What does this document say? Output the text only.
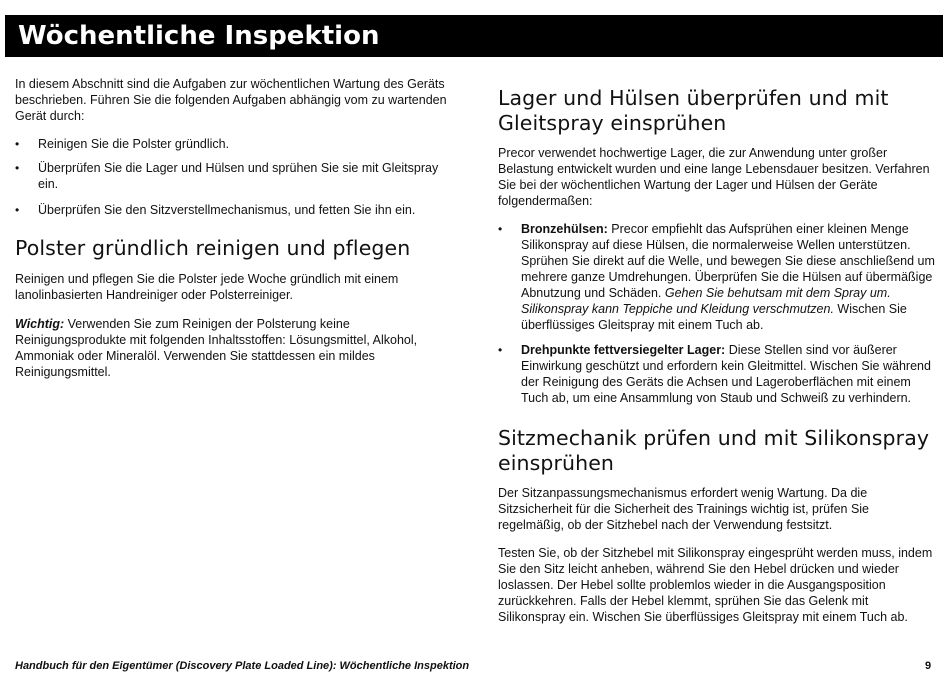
Wöchentliche Inspektion

In diesem Abschnitt sind die Aufgaben zur wöchentlichen Wartung des Geräts beschrieben. Führen Sie die folgenden Aufgaben abhängig vom zu wartenden Gerät durch:

• Reinigen Sie die Polster gründlich.
• Überprüfen Sie die Lager und Hülsen und sprühen Sie sie mit Gleitspray ein.
• Überprüfen Sie den Sitzverstellmechanismus, und fetten Sie ihn ein.
Polster gründlich reinigen und pflegen

Reinigen und pflegen Sie die Polster jede Woche gründlich mit einem lanolinbasierten Handreiniger oder Polsterreiniger.

Wichtig: Verwenden Sie zum Reinigen der Polsterung keine Reinigungsprodukte mit folgenden Inhaltsstoffen: Lösungsmittel, Alkohol, Ammoniak oder Mineralöl. Verwenden Sie stattdessen ein mildes Reinigungsmittel.

Lager und Hülsen überprüfen und mit Gleitspray einsprühen

Precor verwendet hochwertige Lager, die zur Anwendung unter großer Belastung entwickelt wurden und eine lange Lebensdauer besitzen. Verfahren Sie bei der wöchentlichen Wartung der Lager und Hülsen der Geräte folgendermaßen:

• Bronzehülsen: Precor empfiehlt das Aufsprühen einer kleinen Menge Silikonspray auf diese Hülsen, die normalerweise Wellen unterstützen. Sprühen Sie direkt auf die Welle, und bewegen Sie diese anschließend um mehrere ganze Umdrehungen. Überprüfen Sie die Hülsen auf übermäßige Abnutzung und Schäden. Gehen Sie behutsam mit dem Spray um. Silikonspray kann Teppiche und Kleidung verschmutzen. Wischen Sie überflüssiges Gleitspray mit einem Tuch ab.
• Drehpunkte fettversiegelter Lager: Diese Stellen sind vor äußerer Einwirkung geschützt und erfordern kein Gleitmittel. Wischen Sie während der Reinigung des Geräts die Achsen und Lageroberflächen mit einem Tuch ab, um eine Ansammlung von Staub und Schweiß zu verhindern.
Sitzmechanik prüfen und mit Silikonspray einsprühen

Der Sitzanpassungsmechanismus erfordert wenig Wartung. Da die Sitzsicherheit für die Sicherheit des Trainings wichtig ist, prüfen Sie regelmäßig, ob der Sitzhebel nach der Verwendung festsitzt.

Testen Sie, ob der Sitzhebel mit Silikonspray eingesprüht werden muss, indem Sie den Sitz leicht anheben, während Sie den Hebel drücken und wieder loslassen. Der Hebel sollte problemlos wieder in die Ausgangsposition zurückkehren. Falls der Hebel klemmt, sprühen Sie das Gelenk mit Silikonspray ein. Wischen Sie überflüssiges Gleitspray mit einem Tuch ab.

Handbuch für den Eigentümer (Discovery Plate Loaded Line): Wöchentliche Inspektion	9
